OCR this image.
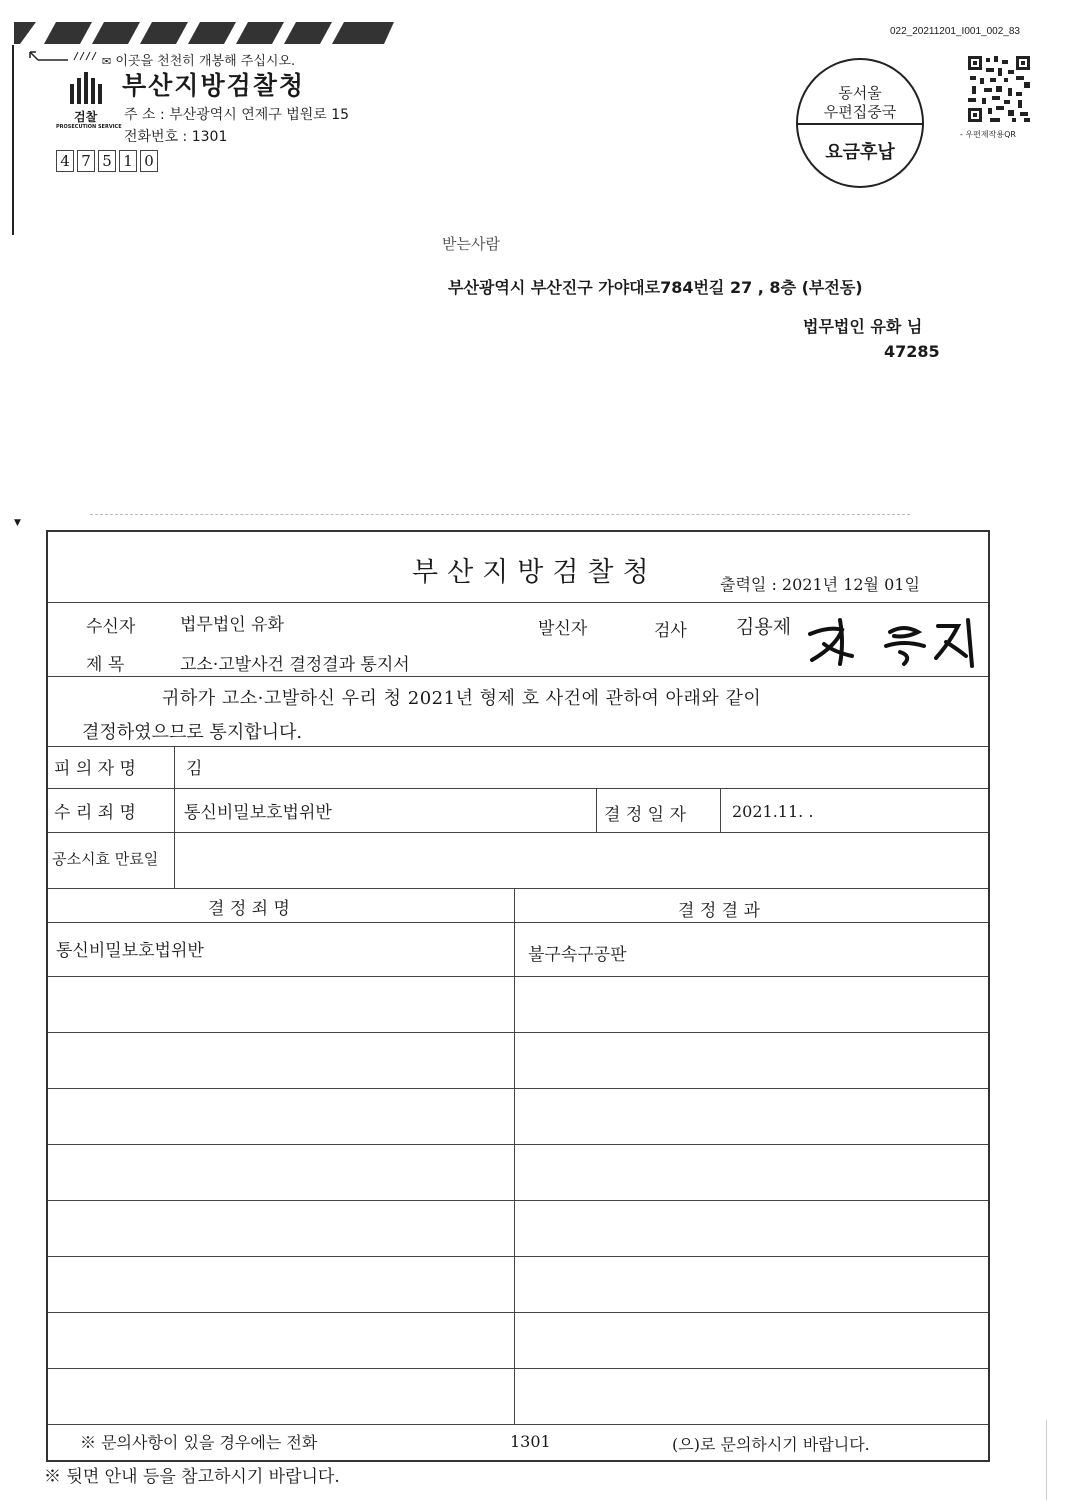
022_20211201_I001_002_83
✉ 이곳을 천천히 개봉해 주십시오.
부산지방검찰청
검찰
PROSECUTION SERVICE
주 소 : 부산광역시 연제구 법원로 15
전화번호 : 1301
4 7 5 1 0
동서울
우편집중국
요금후납
- 우편제작용QR
받는사람
부산광역시 부산진구 가야대로784번길 27 , 8층 (부전동)
법무법인 유화 님
47285
▼
부산지방검찰청	출력일 : 2021년 12월 01일
수신자	법무법인 유화	발신자	검사	김용제
제 목	고소·고발사건 결정결과 통지서
귀하가 고소·고발하신 우리 청 2021년 형제 호 사건에 관하여 아래와 같이
결정하였으므로 통지합니다.
피 의 자 명	김
수 리 죄 명	통신비밀보호법위반	결 정 일 자	2021.11. .
공소시효 만료일
결 정 죄 명	결 정 결 과
통신비밀보호법위반	불구속구공판
※ 문의사항이 있을 경우에는 전화	1301	(으)로 문의하시기 바랍니다.
※ 뒷면 안내 등을 참고하시기 바랍니다.
